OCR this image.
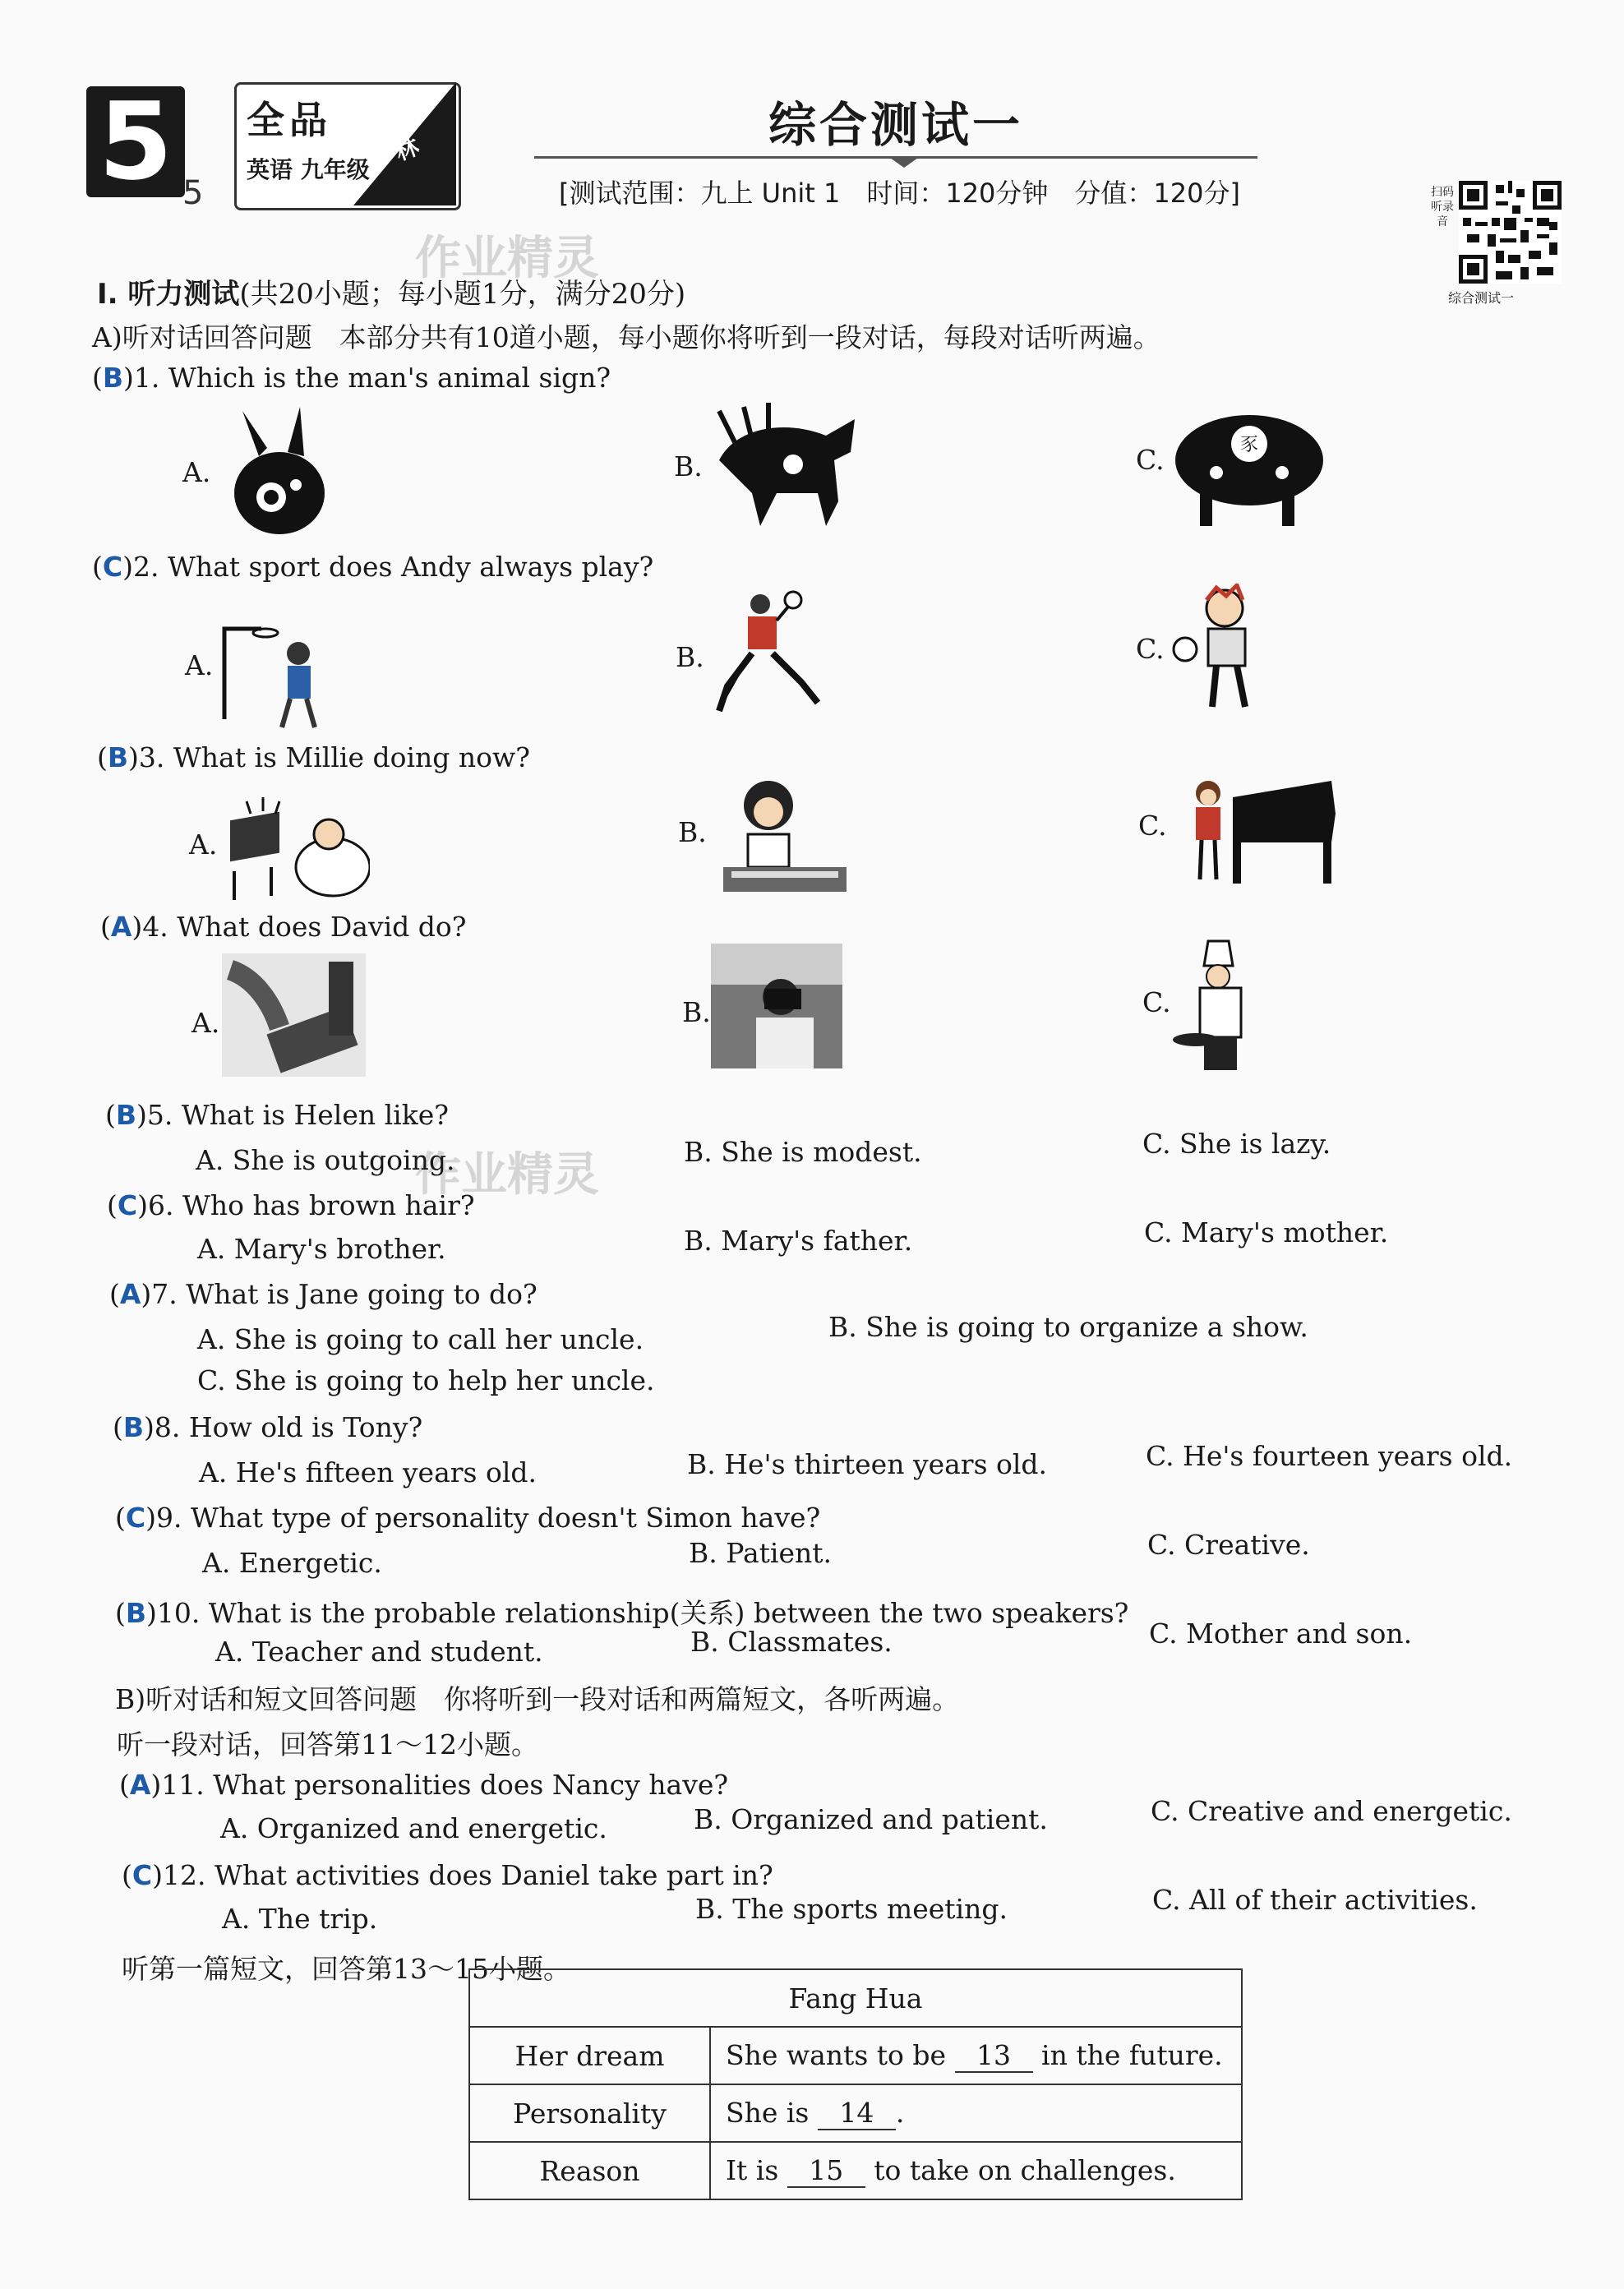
5 5
全品
英语 九年级
译林	综合测试一
[测试范围：九上 Unit 1　时间：120分钟　分值：120分]	扫码听录音
综合测试一
作业精灵
作业精灵
Ⅰ. 听力测试(共20小题；每小题1分，满分20分)
A)听对话回答问题　本部分共有10道小题，每小题你将听到一段对话，每段对话听两遍。
(B)1. Which is the man's animal sign?
A.	B.	C.	豕
(C)2. What sport does Andy always play?
A.	B.	C.
(B)3. What is Millie doing now?
A.	B.	C.
(A)4. What does David do?
A.	B.	C.
(B)5. What is Helen like?
A. She is outgoing.	B. She is modest.	C. She is lazy.
(C)6. Who has brown hair?
A. Mary's brother.	B. Mary's father.	C. Mary's mother.
(A)7. What is Jane going to do?
A. She is going to call her uncle.	B. She is going to organize a show.
C. She is going to help her uncle.
(B)8. How old is Tony?
A. He's fifteen years old.	B. He's thirteen years old.	C. He's fourteen years old.
(C)9. What type of personality doesn't Simon have?
A. Energetic.	B. Patient.	C. Creative.
(B)10. What is the probable relationship(关系) between the two speakers?
A. Teacher and student.	B. Classmates.	C. Mother and son.
B)听对话和短文回答问题　你将听到一段对话和两篇短文，各听两遍。
听一段对话，回答第11～12小题。
(A)11. What personalities does Nancy have?
A. Organized and energetic.	B. Organized and patient.	C. Creative and energetic.
(C)12. What activities does Daniel take part in?
A. The trip.	B. The sports meeting.	C. All of their activities.
听第一篇短文，回答第13～15小题。
Fang Hua	
Her dream	She wants to be 13 in the future.
Personality	She is 14 .
Reason	It is 15 to take on challenges.
